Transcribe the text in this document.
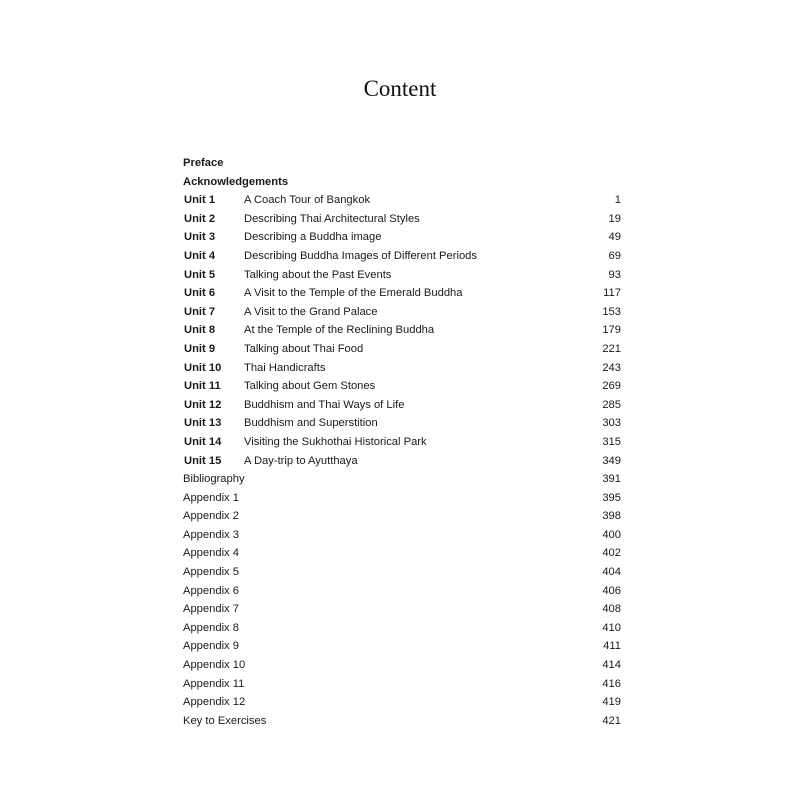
Content
Preface
Acknowledgements
Unit 1	A Coach Tour of Bangkok	1
Unit 2	Describing Thai Architectural Styles	19
Unit 3	Describing a Buddha image	49
Unit 4	Describing Buddha Images of Different Periods	69
Unit 5	Talking about the Past Events	93
Unit 6	A Visit to the Temple of the Emerald Buddha	117
Unit 7	A Visit to the Grand Palace	153
Unit 8	At the Temple of the Reclining Buddha	179
Unit 9	Talking about Thai Food	221
Unit 10 Thai Handicrafts	243
Unit 11 Talking about Gem Stones	269
Unit 12 Buddhism and Thai Ways of Life	285
Unit 13 Buddhism and Superstition	303
Unit 14 Visiting the Sukhothai Historical Park	315
Unit 15 A Day-trip to Ayutthaya	349
Bibliography	391
Appendix 1	395
Appendix 2	398
Appendix 3	400
Appendix 4	402
Appendix 5	404
Appendix 6	406
Appendix 7	408
Appendix 8	410
Appendix 9	411
Appendix 10	414
Appendix 11	416
Appendix 12	419
Key to Exercises	421
